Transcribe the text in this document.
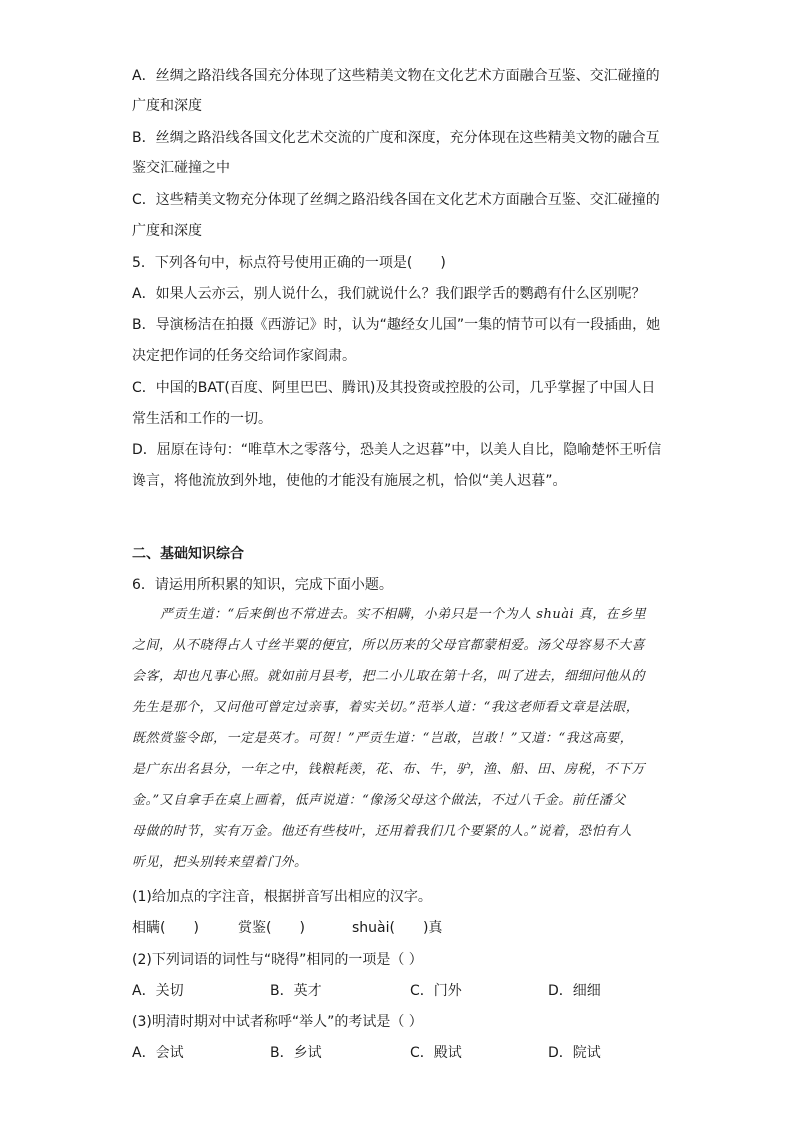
A．丝绸之路沿线各国充分体现了这些精美文物在文化艺术方面融合互鉴、交汇碰撞的
广度和深度
B．丝绸之路沿线各国文化艺术交流的广度和深度，充分体现在这些精美文物的融合互
鉴交汇碰撞之中
C．这些精美文物充分体现了丝绸之路沿线各国在文化艺术方面融合互鉴、交汇碰撞的
广度和深度
5．下列各句中，标点符号使用正确的一项是(　　)
A．如果人云亦云，别人说什么，我们就说什么？我们跟学舌的鹦鹉有什么区别呢？
B．导演杨洁在拍摄《西游记》时，认为“趣经女儿国”一集的情节可以有一段插曲，她
决定把作词的任务交给词作家阎肃。
C．中国的BAT(百度、阿里巴巴、腾讯)及其投资或控股的公司，几乎掌握了中国人日
常生活和工作的一切。
D．屈原在诗句：“唯草木之零落兮，恐美人之迟暮”中，以美人自比，隐喻楚怀王听信
谗言，将他流放到外地，使他的才能没有施展之机，恰似“美人迟暮”。
二、基础知识综合
6．请运用所积累的知识，完成下面小题。
严贡生道：“后来倒也不常进去。实不相瞒，小弟只是一个为人 shuài 真，在乡里
之间，从不晓得占人寸丝半粟的便宜，所以历来的父母官都蒙相爱。汤父母容易不大喜
会客，却也凡事心照。就如前月县考，把二小儿取在第十名，叫了进去，细细问他从的
先生是那个，又问他可曾定过亲事，着实关切。”范举人道：“我这老师看文章是法眼，
既然赏鉴令郎，一定是英才。可贺！”严贡生道：“岂敢，岂敢！”又道：“我这高要，
是广东出名县分，一年之中，钱粮耗羡，花、布、牛，驴，渔、船、田、房税，不下万
金。”又自拿手在桌上画着，低声说道：“像汤父母这个做法，不过八千金。前任潘父
母做的时节，实有万金。他还有些枝叶，还用着我们几个要紧的人。”说着，恐怕有人
听见，把头别转来望着门外。
(1)给加点的字注音，根据拼音写出相应的汉字。
相瞒(　　)	赏鉴(　　)	shuài(　　)真
(2)下列词语的词性与“晓得”相同的一项是（ ）
A．关切	B．英才	C．门外	D．细细
(3)明清时期对中试者称呼“举人”的考试是（ ）
A．会试	B．乡试	C．殿试	D．院试
